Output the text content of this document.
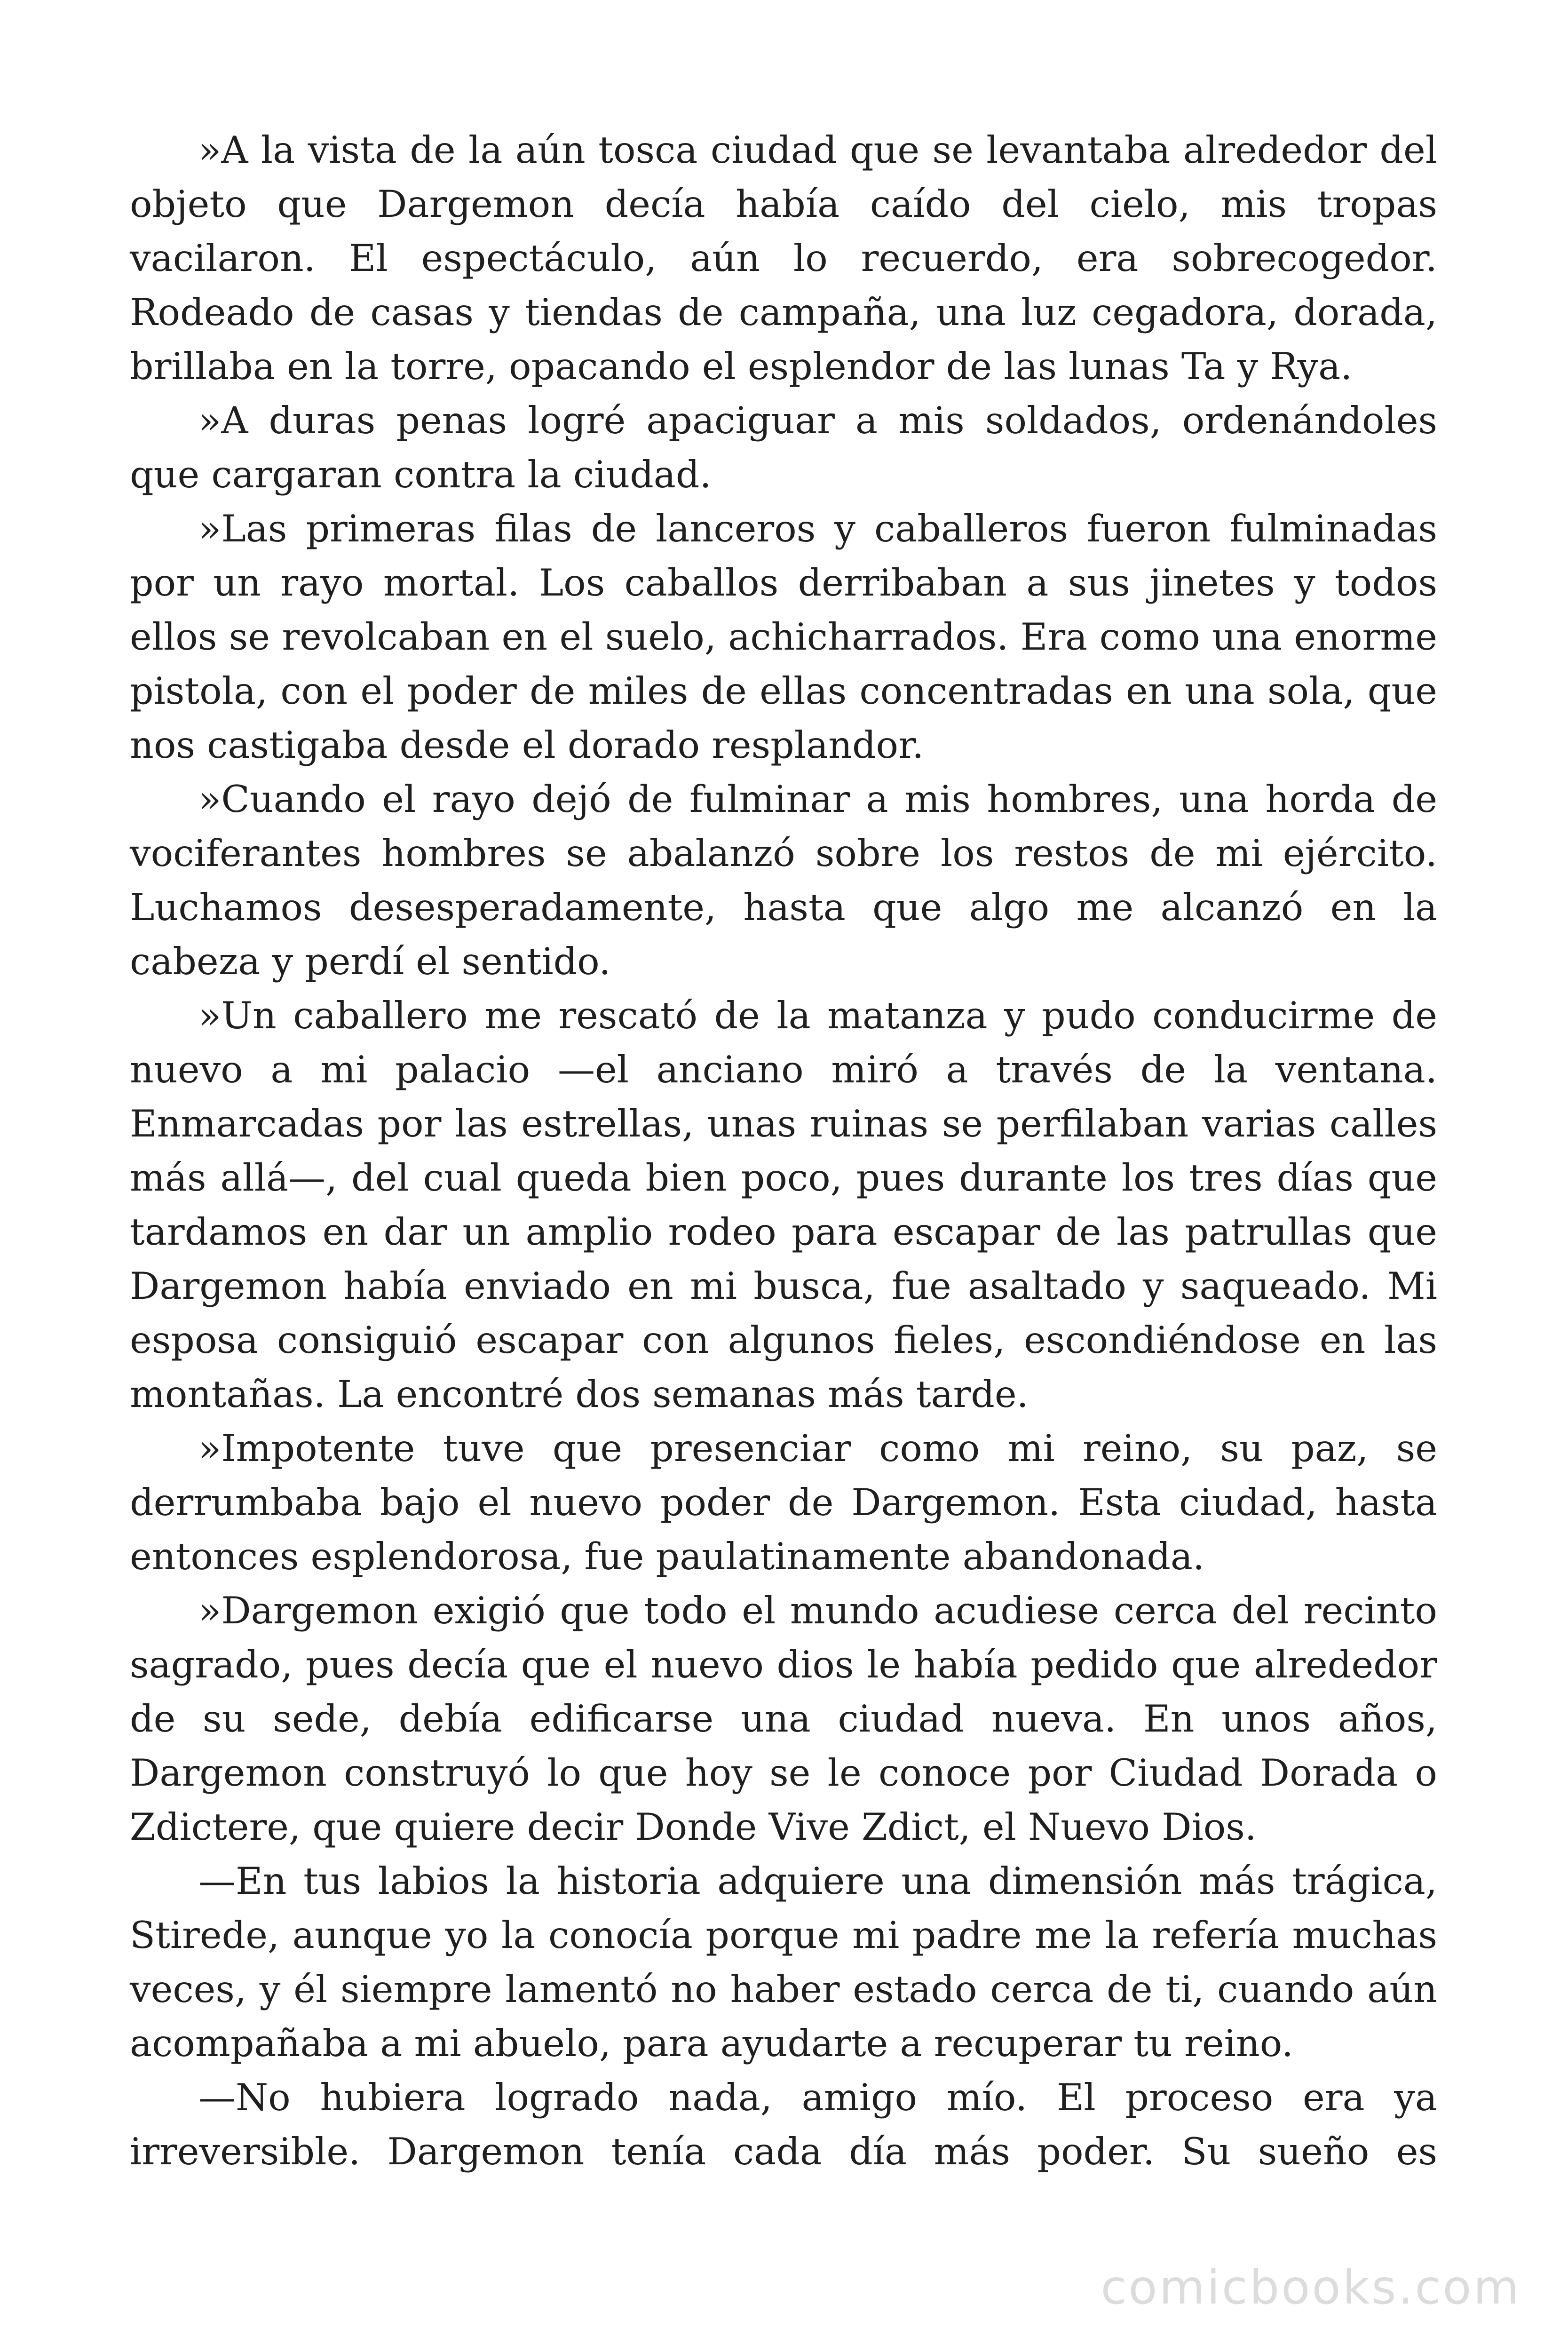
»A la vista de la aún tosca ciudad que se levantaba alrededor del objeto que Dargemon decía había caído del cielo, mis tropas vacilaron. El espectáculo, aún lo recuerdo, era sobrecogedor. Rodeado de casas y tiendas de campaña, una luz cegadora, dorada, brillaba en la torre, opacando el esplendor de las lunas Ta y Rya.

»A duras penas logré apaciguar a mis soldados, ordenándoles que cargaran contra la ciudad.

»Las primeras filas de lanceros y caballeros fueron fulminadas por un rayo mortal. Los caballos derribaban a sus jinetes y todos ellos se revolcaban en el suelo, achicharrados. Era como una enorme pistola, con el poder de miles de ellas concentradas en una sola, que nos castigaba desde el dorado resplandor.

»Cuando el rayo dejó de fulminar a mis hombres, una horda de vociferantes hombres se abalanzó sobre los restos de mi ejército. Luchamos desesperadamente, hasta que algo me alcanzó en la cabeza y perdí el sentido.

»Un caballero me rescató de la matanza y pudo conducirme de nuevo a mi palacio —el anciano miró a través de la ventana. Enmarcadas por las estrellas, unas ruinas se perfilaban varias calles más allá—, del cual queda bien poco, pues durante los tres días que tardamos en dar un amplio rodeo para escapar de las patrullas que Dargemon había enviado en mi busca, fue asaltado y saqueado. Mi esposa consiguió escapar con algunos fieles, escondiéndose en las montañas. La encontré dos semanas más tarde.

»Impotente tuve que presenciar como mi reino, su paz, se derrumbaba bajo el nuevo poder de Dargemon. Esta ciudad, hasta entonces esplendorosa, fue paulatinamente abandonada.

»Dargemon exigió que todo el mundo acudiese cerca del recinto sagrado, pues decía que el nuevo dios le había pedido que alrededor de su sede, debía edificarse una ciudad nueva. En unos años, Dargemon construyó lo que hoy se le conoce por Ciudad Dorada o Zdictere, que quiere decir Donde Vive Zdict, el Nuevo Dios.

—En tus labios la historia adquiere una dimensión más trágica, Stirede, aunque yo la conocía porque mi padre me la refería muchas veces, y él siempre lamentó no haber estado cerca de ti, cuando aún acompañaba a mi abuelo, para ayudarte a recuperar tu reino.

—No hubiera logrado nada, amigo mío. El proceso era ya irreversible. Dargemon tenía cada día más poder. Su sueño es

comicbooks.com
